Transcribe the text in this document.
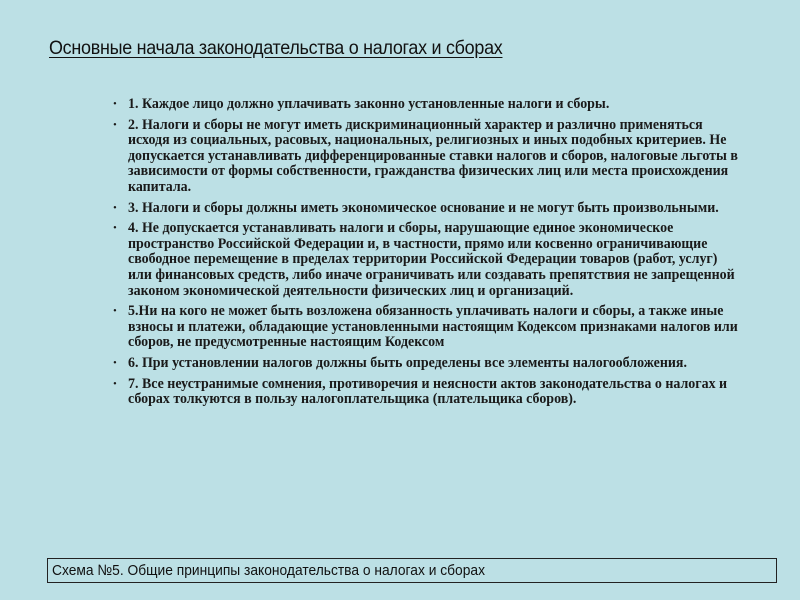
Основные начала законодательства о налогах и сборах
• 1. Каждое лицо должно уплачивать законно установленные налоги и сборы.
• 2. Налоги и сборы не могут иметь дискриминационный характер и различно применяться исходя из социальных, расовых, национальных, религиозных и иных подобных критериев. Не допускается устанавливать дифференцированные ставки налогов и сборов, налоговые льготы в зависимости от формы собственности, гражданства физических лиц или места происхождения капитала.
• 3. Налоги и сборы должны иметь экономическое основание и не могут быть произвольными.
• 4. Не допускается устанавливать налоги и сборы, нарушающие единое экономическое пространство Российской Федерации и, в частности, прямо или косвенно ограничивающие свободное перемещение в пределах территории Российской Федерации товаров (работ, услуг) или финансовых средств, либо иначе ограничивать или создавать препятствия не запрещенной законом экономической деятельности физических лиц и организаций.
• 5.Ни на кого не может быть возложена обязанность уплачивать налоги и сборы, а также иные взносы и платежи, обладающие установленными настоящим Кодексом признаками налогов или сборов, не предусмотренные настоящим Кодексом
• 6. При установлении налогов должны быть определены все элементы налогообложения.
• 7. Все неустранимые сомнения, противоречия и неясности актов законодательства о налогах и сборах толкуются в пользу налогоплательщика (плательщика сборов).
Схема №5. Общие принципы законодательства о налогах и сборах
